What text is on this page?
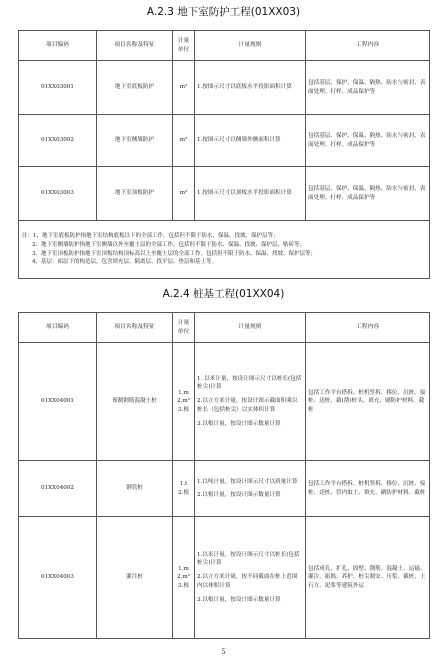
A.2.3 地下室防护工程(01XX03)
项目编码	项目名称及特征	计量单位	计量规则	工程内容
01XX03001	地下室底板防护	m²	1.按图示尺寸以底板水平投影面积计算	包括基层、保护、保温、隔热、防水与密封、表面处理、打样、成品保护等
01XX03002	地下室侧墙防护	m²	1.按图示尺寸以侧墙外侧面积计算	包括基层、保护、保温、隔热、防水与密封、表面处理、打样、成品保护等
01XX03003	地下室顶板防护	m²	1.按图示尺寸以顶板水平投影面积计算	包括基层、保护、保温、隔热、防水与密封、表面处理、打样、成品保护等

注：1、地下室底板防护指地下室结构底板以下的全部工作，包括但不限于防水、保温、找坡、保护层等；
2、地下室侧墙防护指地下室侧墙以外至覆土层的全部工作，包括但不限于防水、保温、找坡、保护层、贴砖等；
3、地下室顶板防护指地下室顶板结构顶标高以上至覆土层的全部工作，包括但不限于防水、保温、找坡、保护层等；
4、基层：面层下的构造层，包含填充层、隔离层、找平层、垫层和基土等。				
A.2.4 桩基工程(01XX04)
项目编码	项目名称及特征	计量单位	计量规则	工程内容
01XX04001	预制钢筋混凝土桩	1.m
2.m³
3.根	1. 以米计量，按设计图示尺寸以桩长(包括桩尖)计算
2.以立方米计量，按设计图示截面积乘以桩长（包括桩尖）以实体积计算
3.以根计量，按设计图示数量计算	包括工作平台搭拆、桩机竖拆、移位、沉桩、接桩、送桩、截(凿)桩头、填充、刷防护材料、截桩
01XX04002	钢管桩	1.t
2.根	1.以吨计量，按设计图示尺寸以质量计算
2.以根计量，按设计图示数量计算	包括工作平台搭拆、桩机竖拆、移位、沉桩、接桩、送桩、管内取土、填充、刷防护材料、截桩
01XX04003	灌注桩	1.m
2.m³
3.根	1.以米计量，按设计图示尺寸以桩长(包括桩尖)计算
2.以立方米计量，按不同截面在桩上范围内以体积计算
3.以根计量，按设计图示数量计算	包括成孔、扩孔、固壁、钢筋、混凝土、运输、灌注、振捣、养护、桩尖制安、压浆、截桩、土石方、泥浆等建筑外运
5
